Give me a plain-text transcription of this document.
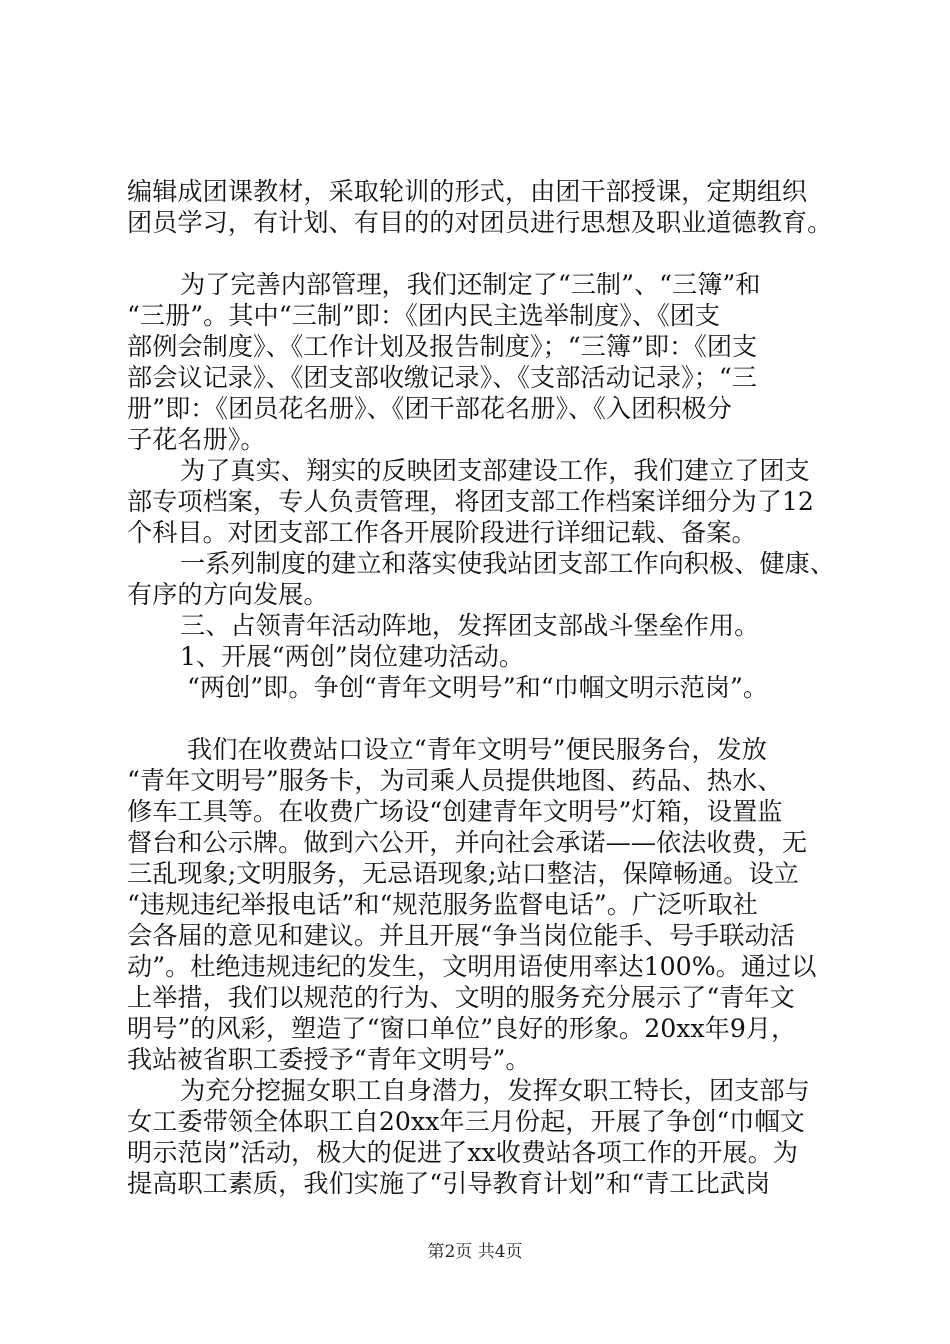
编辑成团课教材，采取轮训的形式，由团干部授课，定期组织

团员学习，有计划、有目的的对团员进行思想及职业道德教育。

为了完善内部管理，我们还制定了“三制”、“三簿”和

“三册”。其中“三制”即：《团内民主选举制度》、《团支

部例会制度》、《工作计划及报告制度》；“三簿”即：《团支

部会议记录》、《团支部收缴记录》、《支部活动记录》；“三

册”即：《团员花名册》、《团干部花名册》、《入团积极分

子花名册》。

为了真实、翔实的反映团支部建设工作，我们建立了团支

部专项档案，专人负责管理，将团支部工作档案详细分为了12

个科目。对团支部工作各开展阶段进行详细记载、备案。

一系列制度的建立和落实使我站团支部工作向积极、健康、

有序的方向发展。

三、占领青年活动阵地，发挥团支部战斗堡垒作用。

1、开展“两创”岗位建功活动。

“两创”即。争创“青年文明号”和“巾帼文明示范岗”。

我们在收费站口设立“青年文明号”便民服务台，发放

“青年文明号”服务卡，为司乘人员提供地图、药品、热水、

修车工具等。在收费广场设“创建青年文明号”灯箱，设置监

督台和公示牌。做到六公开，并向社会承诺——依法收费，无

三乱现象;文明服务，无忌语现象;站口整洁，保障畅通。设立

“违规违纪举报电话”和“规范服务监督电话”。广泛听取社

会各届的意见和建议。并且开展“争当岗位能手、号手联动活

动”。杜绝违规违纪的发生，文明用语使用率达100%。通过以

上举措，我们以规范的行为、文明的服务充分展示了“青年文

明号”的风彩，塑造了“窗口单位”良好的形象。20xx年9月，

我站被省职工委授予“青年文明号”。

为充分挖掘女职工自身潜力，发挥女职工特长，团支部与

女工委带领全体职工自20xx年三月份起，开展了争创“巾帼文

明示范岗”活动，极大的促进了xx收费站各项工作的开展。为

提高职工素质，我们实施了“引导教育计划”和“青工比武岗

第2页 共4页
